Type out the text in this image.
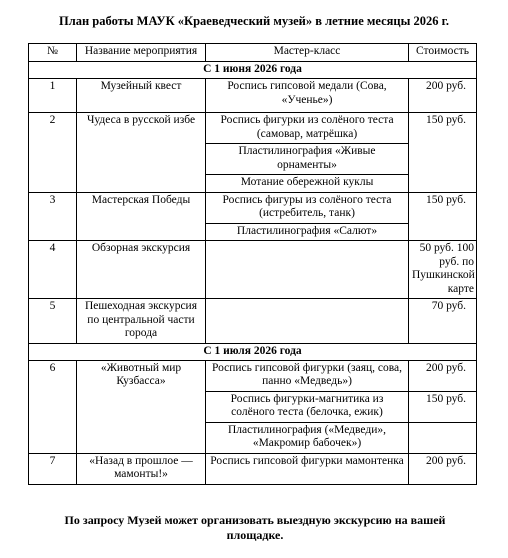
План работы МАУК «Краеведческий музей» в летние месяцы 2026 г.
№	Название мероприятия	Мастер-класс	Стоимость
С 1 июня 2026 года			
1	Музейный квест	Роспись гипсовой медали (Сова, «Ученье»)	200 руб.
2	Чудеса в русской избе	Роспись фигурки из солёного теста (самовар, матрёшка)	150 руб.
		Пластилинография «Живые орнаменты»	
		Мотание обережной куклы	
3	Мастерская Победы	Роспись фигуры из солёного теста (истребитель, танк)	150 руб.
		Пластилинография «Салют»	
4	Обзорная экскурсия		50 руб. 100 руб. по Пушкинской карте
5	Пешеходная экскурсия по центральной части города		70 руб.
С 1 июля 2026 года			
6	«Животный мир Кузбасса»	Роспись гипсовой фигурки (заяц, сова, панно «Медведь»)	200 руб.
		Роспись фигурки-магнитика из солёного теста (белочка, ежик)	150 руб.
		Пластилинография («Медведи», «Макромир бабочек»)	
7	«Назад в прошлое — мамонты!»	Роспись гипсовой фигурки мамонтенка	200 руб.
По запросу Музей может организовать выездную экскурсию на вашей площадке.
